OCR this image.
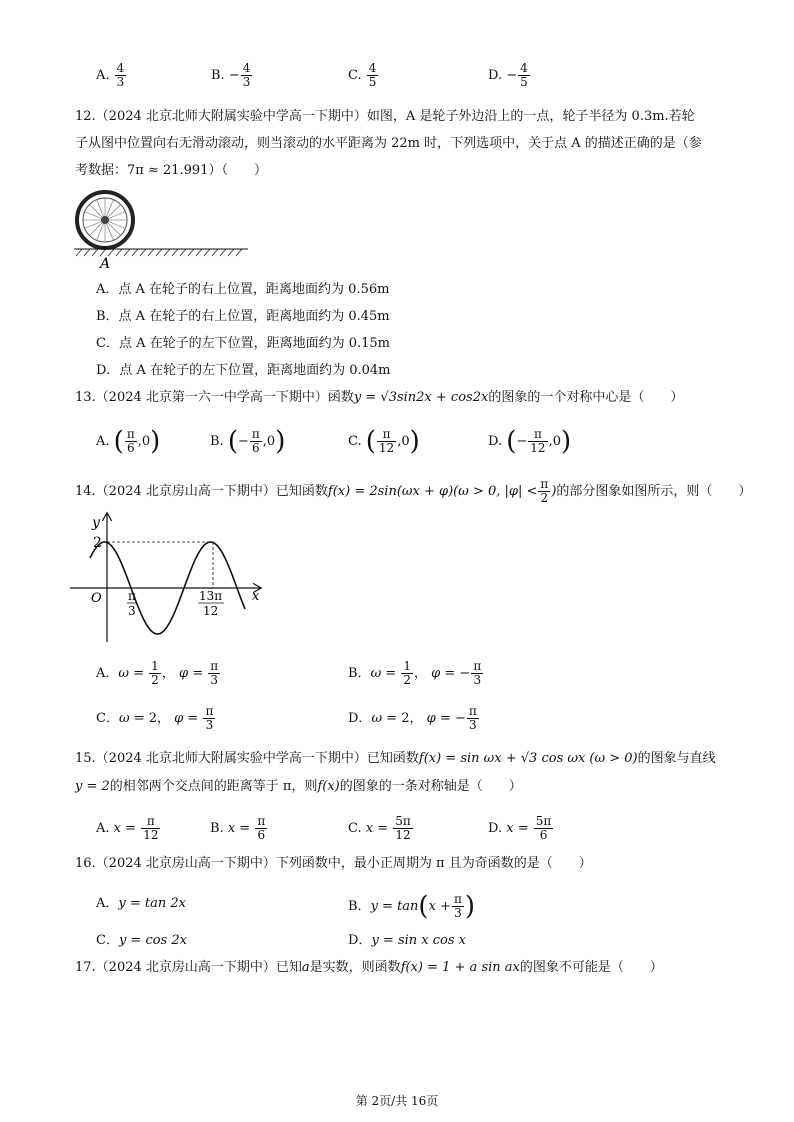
A. $\frac{4}{3}$	B. − $\frac{4}{3}$	C. $\frac{4}{5}$	D. − $\frac{4}{5}$
12.（2024 北京北师大附属实验中学高一下期中）如图，A 是轮子外边沿上的一点，轮子半径为 0.3m.若轮
子从图中位置向右无滑动滚动，则当滚动的水平距离为 22m 时，下列选项中，关于点 A 的描述正确的是（参
考数据：7π ≈ 21.991）（　　）
A
A．点 A 在轮子的右上位置，距离地面约为 0.56m
B．点 A 在轮子的右上位置，距离地面约为 0.45m
C．点 A 在轮子的左下位置，距离地面约为 0.15m
D．点 A 在轮子的左下位置，距离地面约为 0.04m
13.（2024 北京第一六一中学高一下期中）函数y = √3sin2x + cos2x的图象的一个对称中心是（　　）
A. ( $\frac{\pi}{6} ,0$)	B. (− $\frac{\pi}{6} ,0$)	C. ( $\frac{\pi}{12} ,0$)	D. (− $\frac{\pi}{12} ,0$)
14.（2024 北京房山高一下期中）已知函数f(x) = 2sin(ωx + φ)(ω > 0, $|\varphi| < \frac{\pi}{2}$ )的部分图象如图所示，则（　　）
y
x
O
2
π
3
13π
12
A．$\omega = \frac{1}{2}$ ， $\varphi = \frac{\pi}{3}$	B．$\omega = \frac{1}{2}$ ， φ = − $\frac{\pi}{3}$
C．ω = 2， $\varphi = \frac{\pi}{3}$	D．ω = 2， φ = − $\frac{\pi}{3}$
15.（2024 北京北师大附属实验中学高一下期中）已知函数f(x) = sin ωx + √3 cos ωx (ω > 0)的图象与直线
y = 2的相邻两个交点间的距离等于 π，则f(x)的图象的一条对称轴是（　　）
A. $x = \frac{\pi}{12}$	B. $x = \frac{\pi}{6}$	C. $x = \frac{5\pi}{12}$	D. $x = \frac{5\pi}{6}$
16.（2024 北京房山高一下期中）下列函数中，最小正周期为 π 且为奇函数的是（　　）
A．y = tan 2x	B．$y = \tan(x + \frac{\pi}{3}$ )
C．y = cos 2x	D．y = sin x cos x
17.（2024 北京房山高一下期中）已知a是实数，则函数f(x) = 1 + a sin ax的图象不可能是（　　）
第 2页/共 16页
